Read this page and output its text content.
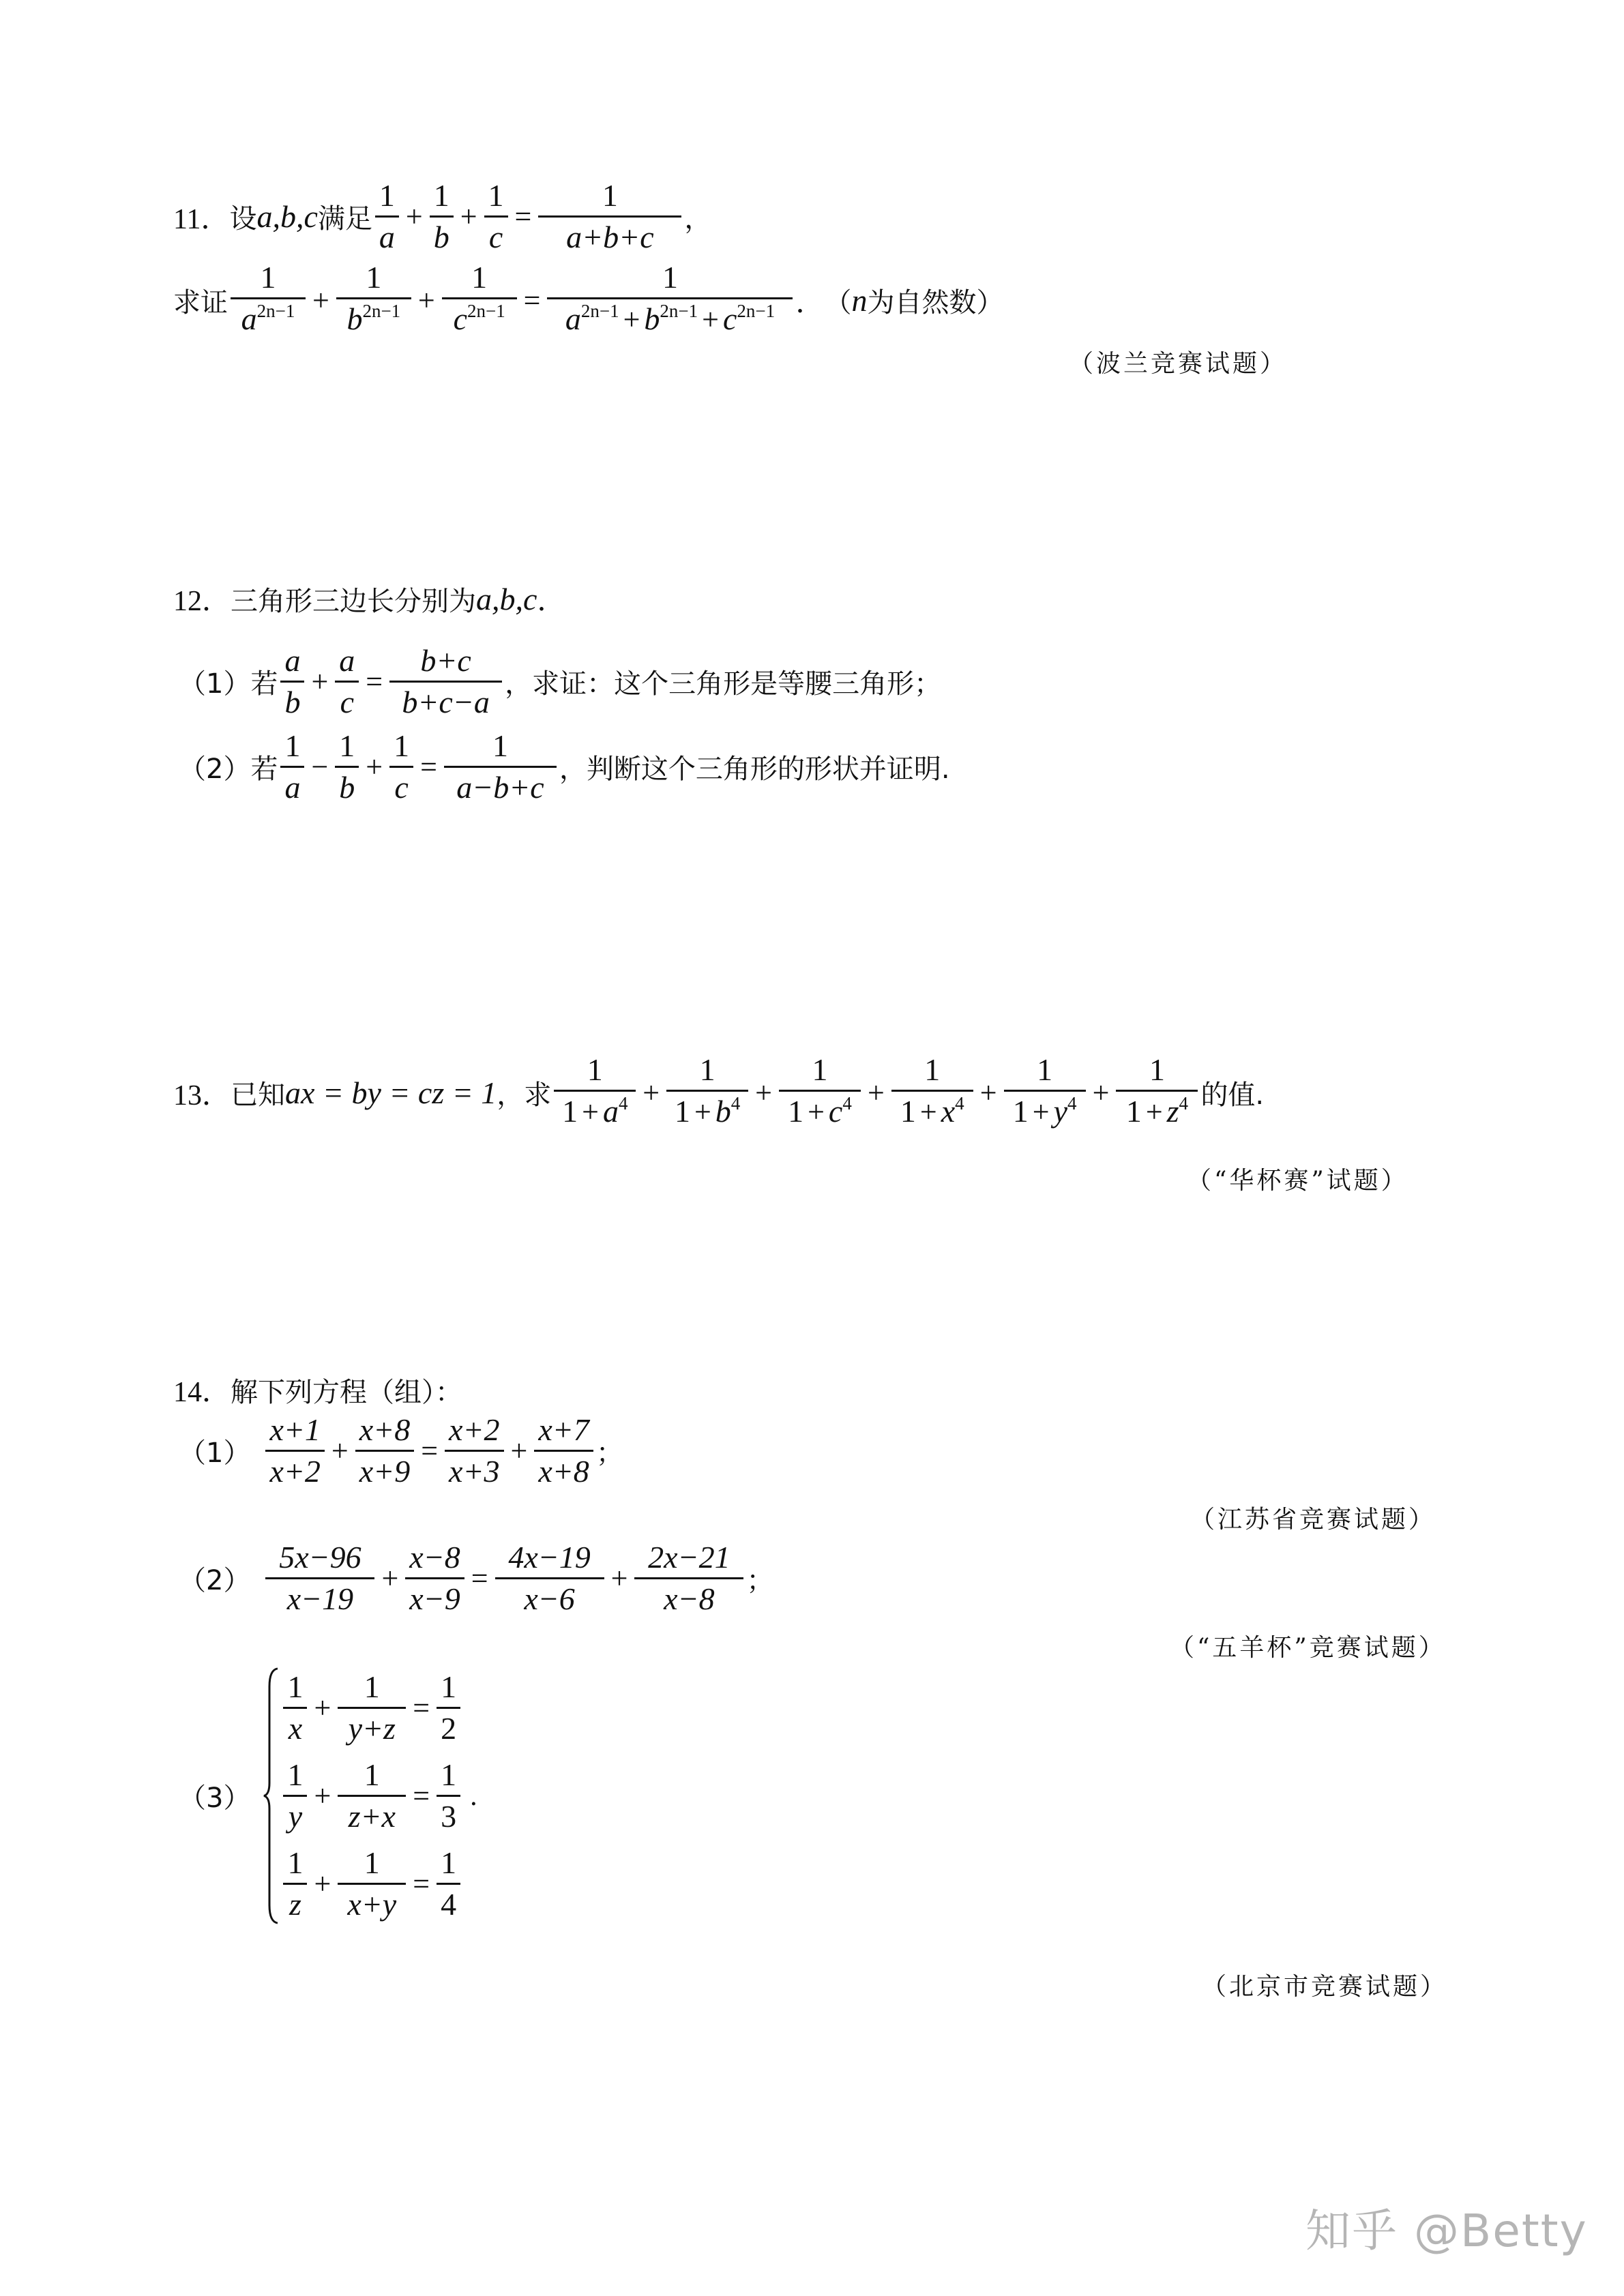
11． 设 a,b,c 满足 $\frac{1}{a} + \frac{1}{b} + \frac{1}{c} = \frac{1}{a+b+c}$ ，
求证 $\frac{1}{a^{2n-1}} + \frac{1}{b^{2n-1}} + \frac{1}{c^{2n-1}} = \frac{1}{a^{2n-1} + b^{2n-1} + c^{2n-1}}$ ． （ n 为自然数）
（波兰竞赛试题）
12． 三角形三边长分别为 a,b,c ．
（1）若 $\frac{a}{b} + \frac{a}{c} = \frac{b+c}{b+c-a}$ ，求证：这个三角形是等腰三角形；
（2）若 $\frac{1}{a} - \frac{1}{b} + \frac{1}{c} = \frac{1}{a-b+c}$ ，判断这个三角形的形状并证明.
13． 已知 ax = by = cz = 1 ， 求 $\frac{1}{1 + a^4} + \frac{1}{1 + b^4} + \frac{1}{1 + c^4} + \frac{1}{1 + x^4} + \frac{1}{1 + y^4} + \frac{1}{1 + z^4}$ 的值.
（“华杯赛”试题）
14． 解下列方程（组）：
$(1) \frac{x+1}{x+2} + \frac{x+8}{x+9} = \frac{x+2}{x+3} + \frac{x+7}{x+8}$ ；
（江苏省竞赛试题）
$(2) \frac{5x-96}{x-19} + \frac{x-8}{x-9} = \frac{4x-19}{x-6} + \frac{2x-21}{x-8}$ ；
（“五羊杯”竞赛试题）
（3）
$\frac{1}{x} + \frac{1}{y+z} = \frac{1}{2}$
$\frac{1}{y} + \frac{1}{z+x} = \frac{1}{3}$ .
$\frac{1}{z} + \frac{1}{x+y} = \frac{1}{4}$
（北京市竞赛试题）
知乎 @Betty
